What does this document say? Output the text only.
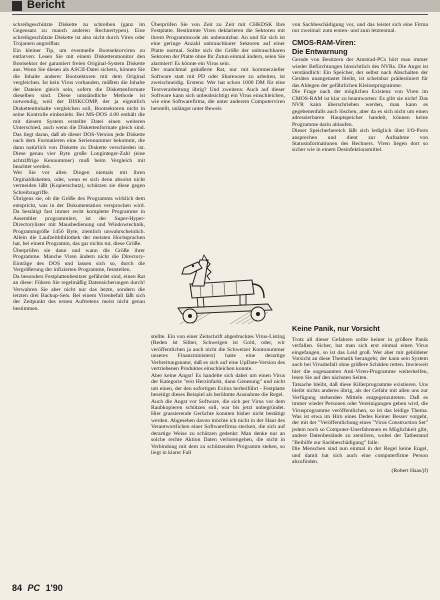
Bericht

schreibgeschützte Diskette zu schreiben (ganz im Gegensatz zu manch anderen Rechnertypen). Eine schreibgeschützte Diskette ist also nicht durch Viren oder Trojanern angreifbar.

Ein kleiner Tip, um eventuelle Bootsektorviren zu entlarven: Lesen Sie mit einem Diskettenmonitor den Bootsektor der garantiert freien Original-System Diskette aus. Wenn Sie diesen als ASCII-Datei sichern, können Sie die Inhalte anderer Bootsektoren mit dem Original vergleichen. Ist kein Virus vorhanden, müßten die Inhalte der Dateien gleich sein, sofern die Diskettenformate dieselben sind. Diese umständliche Methode ist notwendig, weil der DISKCOMP, der ja eigentlich Diskettentinhalte vergleichen soll, Bootsektoren nicht in seine Kontrolle einbezieht. Bei MS-DOS 4.00 enthält die mit diesem System erstellte Datei einen weiteren Unterschied, auch wenn die Diskettenformate gleich sind. Das liegt daran, daß ab dieser DOS-Version jede Diskette nach dem Formatieren eine Seriennummer bekommt, die dann natürlich von Diskette zu Diskette verschieden ist. Diese genau vier Byte große Longinteger-Zahl (eine achtziffrige Kennummer) muß beim Vergleich mit beachtet werden.

Wer Sie vor allen Dingen niemals mit ihren Orginaldisketten, oder, wenn es sich denn absolut nicht vermeiden läßt (Kopierschutz), schützen sie diese gegen Schreibzugriffe.

Übrigens sie, ob die Größe des Programms wirklich dem entspricht, was in der Dokumentation versprochen wird. Da bestätigt fast immer recht komplette Programme in Assembler programmiert, ist der Super-Hyper-Directorylister mit Mausbedienung und Windowtechnik, Programmgröße 1456 Byte, ziemlich unwahrscheinlich. Allein die Laufzeitbibliothek der meisten Hochsprachen hat, bei einem Programm, das gar nichts tut, diese Größe.

Überprüfen sie dann und wann die Größe ihrer Programme. Manche Viren ändern nicht die Directory-Einträge des DOS und lassen sich so, durch die Vergrößerung der infizierten Programme, feststellen.

Da besonders Festplattenbesitzer gefährdet sind, einen Rat an diese: Führen Sie regelmäßig Datensicherungen durch! Verwahren Sie aber nicht nur das letzte, sondern die letzten drei Backup-Sets. Bei einem Virenbefall läßt sich der Zeitpunkt des ersten Auftretens meist nicht genau bestimmen.

Überprüfen Sie von Zeit zu Zeit mit CHKDSK Ihre Festplatte. Bestimmte Viren deklarieren die Sektoren mit ihrem Programmcode als unbenutzbar. An und für sich ist eine geringe Anzahl unbrauchbarer Sektoren auf einer Platte normal. Sollte sich die Größe der unbrauchbaren Sektoren der Platte ohne Ihr Zutun einmal ändern, seien Sie alarmiert! Es könnte ein Virus sein.

Der manchmal geäußerte Rat, nur mit kommerzieller Software statt mit PD oder Shareware zu arbeiten, ist zweischneidig. Erstens: Wer hat schon 1000 DM für eine Textverarbeitung übrig? Und zweitens: Auch auf dieser Software kann sich unbeabsichtigt ein Virus einschleichen, wie eine Softwarefirma, die unter anderem Computerviren herstellt, unlängst unter Beweis

stellte. Ein von einer Zeitschrift abgedrucktes Virus-Listing (Reden ist Silber, Schweigen ist Gold, oder, wir veröffentlichen ja auch nicht die Schweizer Kontonummer unseres Finanzministers) hatte eine derartige Verbreitungsnatur, daß es sich auf eine UpDate-Version des vertriebenen Produktes einschleichen konnte.

Aber keine Angst! Es handelte sich dabei um einen Virus der Kategorie "erst Herzinfarkt, dann Genesung" und nicht um einen, der den sofortigen Exitus herbeiführt - Festplatte beseitigt dieses Beispiel als berühmte Ausnahme die Regel.

Auch die Angst vor Software, die sich per Virus vor dem Raubkopieren schützen soll, war bis jetzt unbegründet. Hier grassierende Gerüchte konnten bisher nicht bestätigt werden. Abgesehen davon möchte ich nicht in der Haut des Verantwortlichen einer Softwarefirma stecken, die sich auf derartige Weise zu schützen gedenkt: Man denke nur an solche rechte Aktion Daten verlorengehen, die nicht in Verbindung mit dem zu schützenden Programm stehen, so liegt in klarer Fall

von Sachbeschädigung vor, und das leistet sich eine Firma nur zweimal: zum ersten- und zum letztenmal.

CMOS-RAM-Viren:
Die Entwarnung

Gerade von Besitzern der Amstrad-PCs hört man immer wieder Befürchtungen hinsichtlich des NVRs. Die Angst ist verständlich: Ein Speicher, der selbst nach Abschalten der Gerätes unangetastet bleibt, ist scheinbar prädestiniert für das Ablegen der gefährlichen Kleinstprogramme.

Die Frage nach der möglichen Existenz von Viren im CMOS-RAM ist klar zu beantworten: Es gibt sie nicht! Das NVR kann überschrieben werden, man kann es gegebenenfalls auch löschen, aber da es sich nicht um einen adressierbaren Hauptspeicher handelt, können keine Programme darin ablaufen.

Dieser Speicherbereich läßt sich lediglich über I/O-Ports ansprechen und dient zur Aufnahme von Statusinformationen des Rechners. Viren liegen dort so sicher wie in einem Desinfektionsmittel.

Keine Panik, nur Vorsicht

Trotz all dieser Gefahren sollte keiner in größere Panik verfallen. Sicher, hat man sich erst einmal einen Virus eingefangen, so ist das Leid groß. Wer aber mit gebildeter Vorsicht an diese Thematik herangeht, der kann sein System auch bei Virusbefall ohne größere Schäden retten. Inwieweit hier die sogenannten Anti-Viren-Programme weiterhelfen, lesen Sie auf den nächsten Seiten.

Tatsache bleibt, daß diese Killerprogramme existieren. Uns bleibt nichts anderes übrig, als der Gefahr mit allen uns zur Verfügung stehenden Mitteln entgegenzutreten. Daß es immer wieder Personen oder Vereinigungen geben wird, die Virusprogramme veröffentlichen, so ist das leidige Thema. Was ist etwa im Hirn eines Dedes Keiner Besser vorgeht, der mit der "Veröffentlichung eines "Virus Construction Set" jedem noch so Computer-Unerfahrenen es Möglichkeit gibt, andere Datenbestände zu zerstören, wobei der Tatbestand "Beihilfe zur Sachbeschädigung" falle.

Die Menschen sind nun einmal in der Regel keine Engel, und damit hat sich auch eine computerfirme Person abzufinden.

(Robert Haas/jf)
84 PC 1'90
